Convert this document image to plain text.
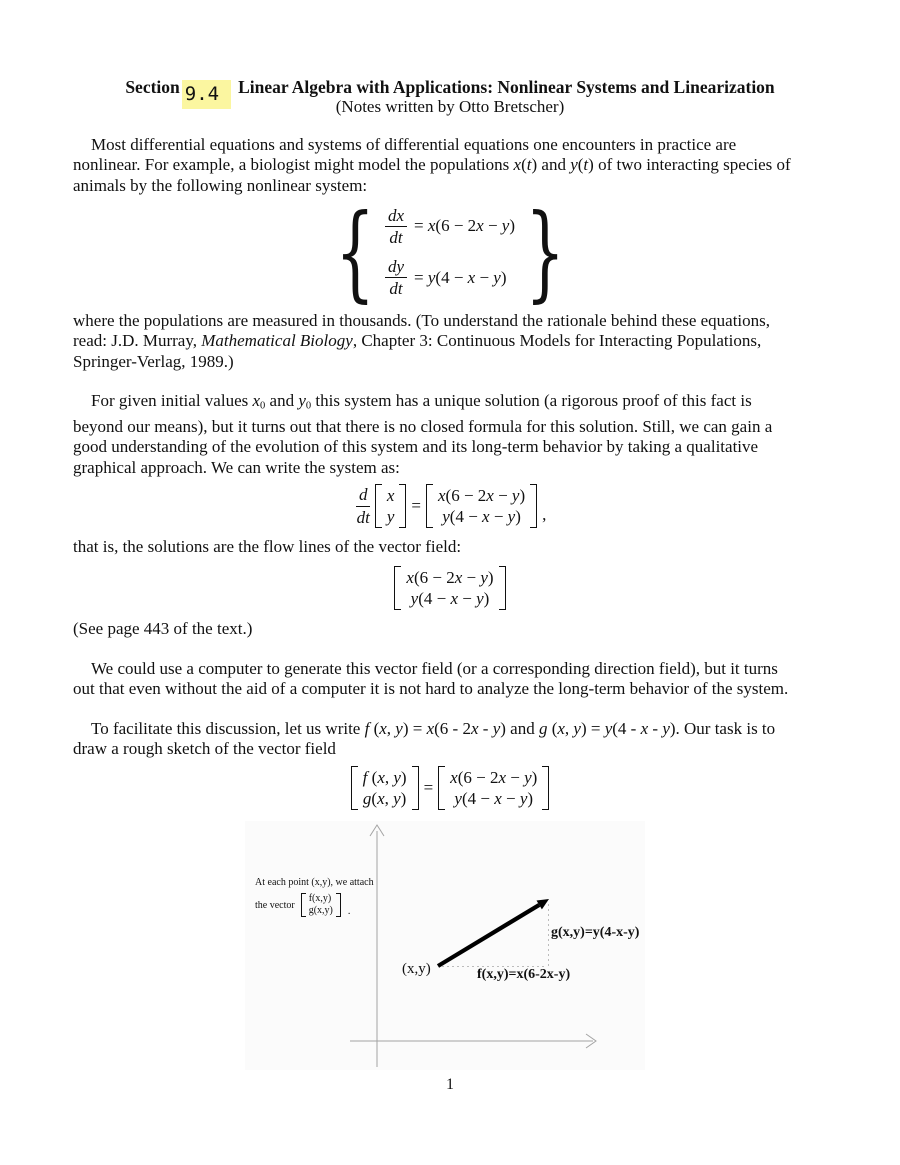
Section 9.4 Linear Algebra with Applications: Nonlinear Systems and Linearization
(Notes written by Otto Bretscher)
Most differential equations and systems of differential equations one encounters in practice are
nonlinear. For example, a biologist might model the populations x(t) and y(t) of two interacting species of
animals by the following nonlinear system:
{ $\frac{dx}{dt} = x(6 - 2x - y)$
$\frac{dy}{dt} = y(4 - x - y)$ }
where the populations are measured in thousands. (To understand the rationale behind these equations,
read: J.D. Murray, Mathematical Biology, Chapter 3: Continuous Models for Interacting Populations,
Springer-Verlag, 1989.)
For given initial values $x_0$ and $y_0$ this system has a unique solution (a rigorous proof of this fact is
beyond our means), but it turns out that there is no closed formula for this solution. Still, we can gain a
good understanding of the evolution of this system and its long-term behavior by taking a qualitative
graphical approach. We can write the system as:
$\frac{d}{dt}$ x
y
=
x(6 − 2x − y)
y(4 − x − y) ,
that is, the solutions are the flow lines of the vector field:
x(6 − 2x − y)
y(4 − x − y)
(See page 443 of the text.)
We could use a computer to generate this vector field (or a corresponding direction field), but it turns
out that even without the aid of a computer it is not hard to analyze the long-term behavior of the system.
To facilitate this discussion, let us write f (x, y) = x(6 - 2x - y) and g (x, y) = y(4 - x - y). Our task is to
draw a rough sketch of the vector field
f (x, y)
g(x, y)
=
x(6 − 2x − y)
y(4 − x − y)
At each point (x,y), we attach
the vector
f(x,y)
g(x,y) .
(x,y)	f(x,y)=x(6-2x-y)
g(x,y)=y(4-x-y)
1
